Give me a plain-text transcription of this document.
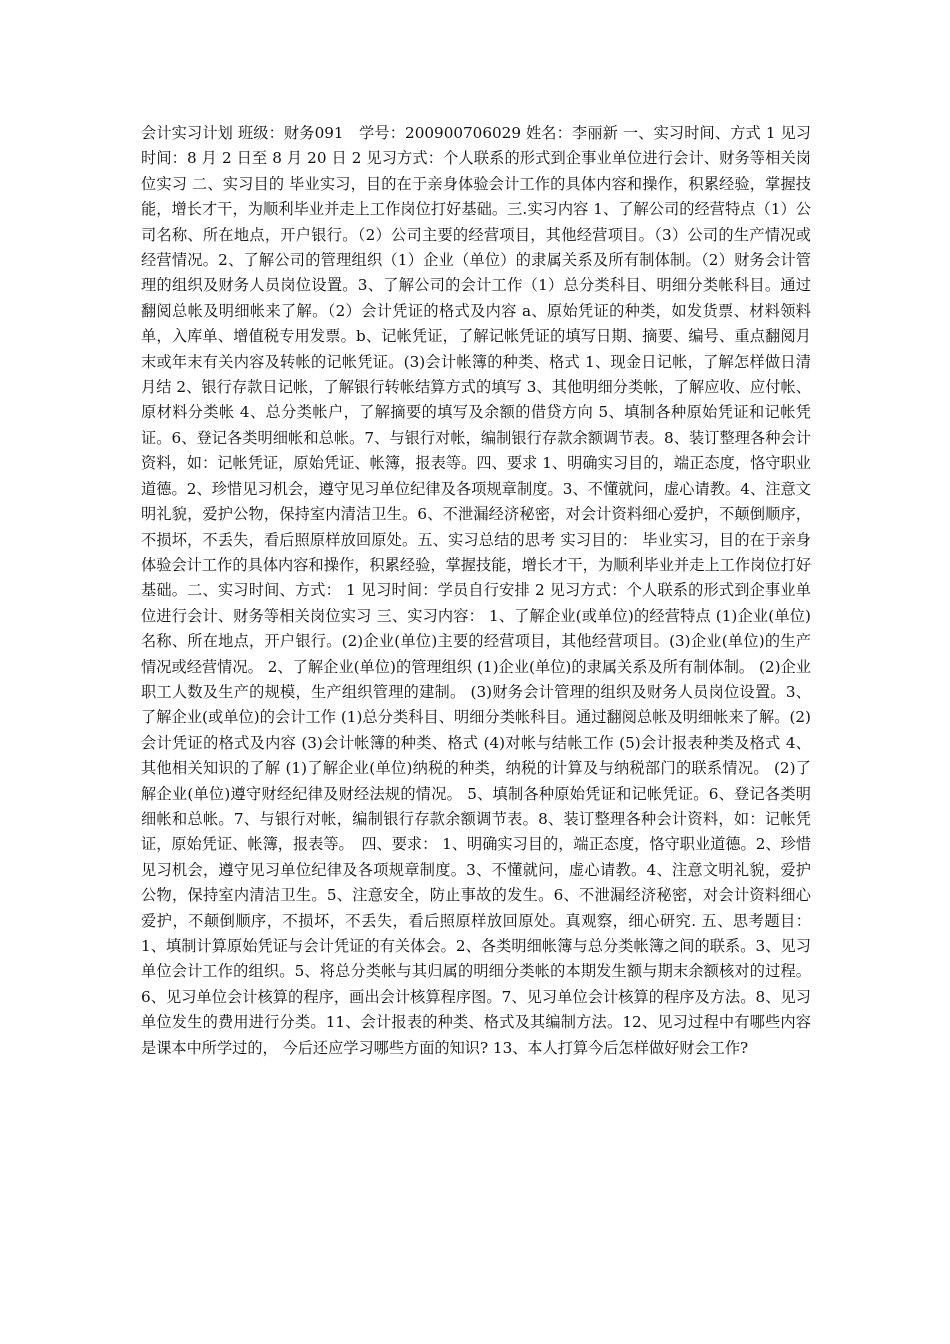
会计实习计划 班级：财务091　学号：200900706029 姓名：李丽新 一、实习时间、方式 1 见习时间：8 月 2 日至 8 月 20 日 2 见习方式：个人联系的形式到企事业单位进行会计、财务等相关岗位实习 二、实习目的 毕业实习，目的在于亲身体验会计工作的具体内容和操作，积累经验，掌握技能，增长才干，为顺利毕业并走上工作岗位打好基础。三.实习内容 1、了解公司的经营特点（1）公司名称、所在地点，开户银行。（2）公司主要的经营项目，其他经营项目。（3）公司的生产情况或经营情况。2、了解公司的管理组织（1）企业（单位）的隶属关系及所有制体制。（2）财务会计管理的组织及财务人员岗位设置。3、了解公司的会计工作（1）总分类科目、明细分类帐科目。通过翻阅总帐及明细帐来了解。（2）会计凭证的格式及内容 a、原始凭证的种类，如发货票、材料领料单，入库单、增值税专用发票。b、记帐凭证，了解记帐凭证的填写日期、摘要、编号、重点翻阅月末或年末有关内容及转帐的记帐凭证。(3)会计帐簿的种类、格式 1、现金日记帐，了解怎样做日清月结 2、银行存款日记帐，了解银行转帐结算方式的填写 3、其他明细分类帐，了解应收、应付帐、原材料分类帐 4、总分类帐户，了解摘要的填写及余额的借贷方向 5、填制各种原始凭证和记帐凭证。6、登记各类明细帐和总帐。7、与银行对帐，编制银行存款余额调节表。8、装订整理各种会计资料，如：记帐凭证，原始凭证、帐簿，报表等。四、要求 1、明确实习目的，端正态度，恪守职业道德。2、珍惜见习机会，遵守见习单位纪律及各项规章制度。3、不懂就问，虚心请教。4、注意文明礼貌，爱护公物，保持室内清洁卫生。6、不泄漏经济秘密，对会计资料细心爱护，不颠倒顺序，不损坏，不丢失，看后照原样放回原处。五、实习总结的思考 实习目的： 毕业实习，目的在于亲身体验会计工作的具体内容和操作，积累经验，掌握技能，增长才干，为顺利毕业并走上工作岗位打好基础。二、实习时间、方式： 1 见习时间：学员自行安排 2 见习方式：个人联系的形式到企事业单位进行会计、财务等相关岗位实习 三、实习内容： 1、了解企业(或单位)的经营特点 (1)企业(单位)名称、所在地点，开户银行。(2)企业(单位)主要的经营项目，其他经营项目。(3)企业(单位)的生产情况或经营情况。 2、了解企业(单位)的管理组织 (1)企业(单位)的隶属关系及所有制体制。 (2)企业职工人数及生产的规模，生产组织管理的建制。 (3)财务会计管理的组织及财务人员岗位设置。3、了解企业(或单位)的会计工作 (1)总分类科目、明细分类帐科目。通过翻阅总帐及明细帐来了解。(2)会计凭证的格式及内容 (3)会计帐簿的种类、格式 (4)对帐与结帐工作 (5)会计报表种类及格式 4、其他相关知识的了解 (1)了解企业(单位)纳税的种类，纳税的计算及与纳税部门的联系情况。 (2)了解企业(单位)遵守财经纪律及财经法规的情况。 5、填制各种原始凭证和记帐凭证。6、登记各类明细帐和总帐。7、与银行对帐，编制银行存款余额调节表。8、装订整理各种会计资料，如：记帐凭证，原始凭证、帐簿，报表等。　四、要求： 1、明确实习目的，端正态度，恪守职业道德。2、珍惜见习机会，遵守见习单位纪律及各项规章制度。3、不懂就问，虚心请教。4、注意文明礼貌，爱护公物，保持室内清洁卫生。5、注意安全，防止事故的发生。6、不泄漏经济秘密，对会计资料细心爱护，不颠倒顺序，不损坏，不丢失，看后照原样放回原处。真观察，细心研究. 五、思考题目： 1、填制计算原始凭证与会计凭证的有关体会。2、各类明细帐簿与总分类帐簿之间的联系。3、见习单位会计工作的组织。5、将总分类帐与其归属的明细分类帐的本期发生额与期末余额核对的过程。 6、见习单位会计核算的程序，画出会计核算程序图。7、见习单位会计核算的程序及方法。8、见习单位发生的费用进行分类。11、会计报表的种类、格式及其编制方法。12、见习过程中有哪些内容是课本中所学过的， 今后还应学习哪些方面的知识? 13、本人打算今后怎样做好财会工作?
